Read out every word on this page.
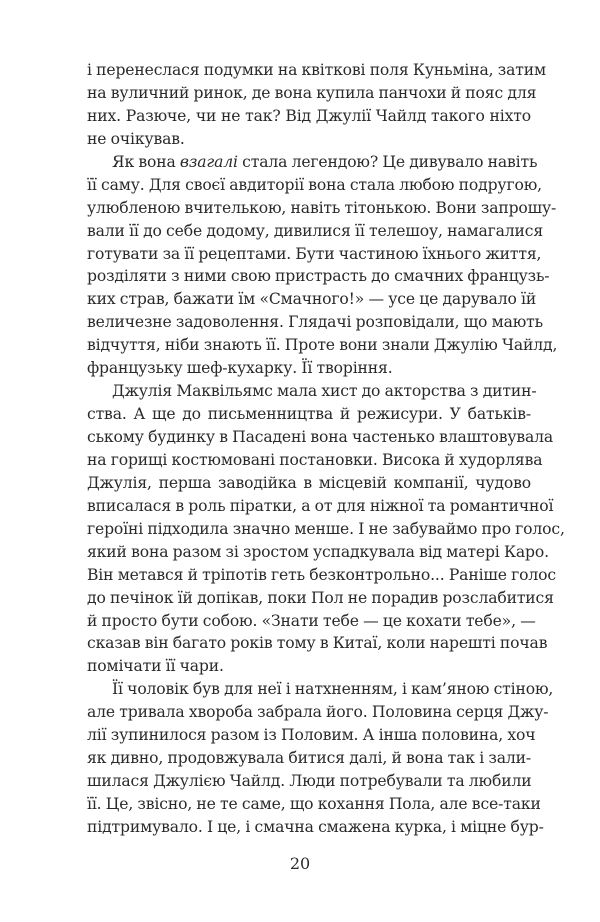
і перенеслася подумки на квіткові поля Куньміна, затим
на вуличний ринок, де вона купила панчохи й пояс для
них. Разюче, чи не так? Від Джулії Чайлд такого ніхто
не очікував.
Як вона взагалі стала легендою? Це дивувало навіть
її саму. Для своєї авдиторії вона стала любою подругою,
улюбленою вчителькою, навіть тітонькою. Вони запрошу-
вали її до себе додому, дивилися її телешоу, намагалися
готувати за її рецептами. Бути частиною їхнього життя,
розділяти з ними свою пристрасть до смачних французь-
ких страв, бажати їм «Смачного!» — усе це дарувало їй
величезне задоволення. Глядачі розповідали, що мають
відчуття, ніби знають її. Проте вони знали Джулію Чайлд,
французьку шеф-кухарку. Її творіння.
Джулія Маквільямс мала хист до акторства з дитин-
ства. А ще до письменництва й режисури. У батьків-
ському будинку в Пасадені вона частенько влаштовувала
на горищі костюмовані постановки. Висока й худорлява
Джулія, перша заводійка в місцевій компанії, чудово
вписалася в роль піратки, а от для ніжної та романтичної
героїні підходила значно менше. І не забуваймо про голос,
який вона разом зі зростом успадкувала від матері Каро.
Він метався й тріпотів геть безконтрольно... Раніше голос
до печінок їй допікав, поки Пол не порадив розслабитися
й просто бути собою. «Знати тебе — це кохати тебе», —
сказав він багато років тому в Китаї, коли нарешті почав
помічати її чари.
Її чоловік був для неї і натхненням, і кам’яною стіною,
але тривала хвороба забрала його. Половина серця Джу-
лії зупинилося разом із Половим. А інша половина, хоч
як дивно, продовжувала битися далі, й вона так і зали-
шилася Джулією Чайлд. Люди потребували та любили
її. Це, звісно, не те саме, що кохання Пола, але все-таки
підтримувало. І це, і смачна смажена курка, і міцне бур-
20
